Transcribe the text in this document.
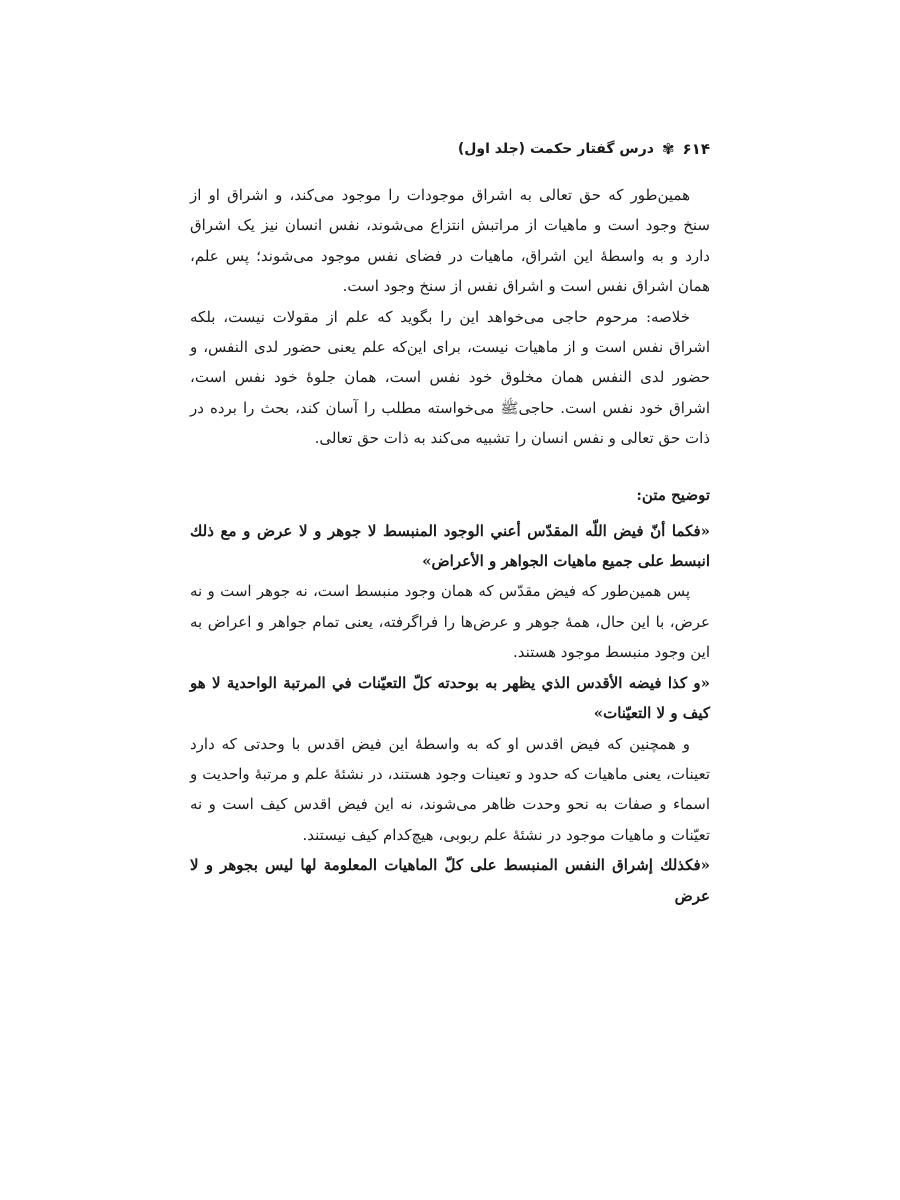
۶۱۴
✾
درس گفتار حکمت (جلد اول)

همین‌طور که حق تعالی به اشراق موجودات را موجود می‌کند، و اشراق او از سنخ وجود است و ماهیات از مراتبش انتزاع می‌شوند، نفس انسان نیز یک اشراق دارد و به واسطهٔ این اشراق، ماهیات در فضای نفس موجود می‌شوند؛ پس علم، همان اشراق نفس است و اشراق نفس از سنخ وجود است.

خلاصه: مرحوم حاجی می‌خواهد این را بگوید که علم از مقولات نیست، بلکه اشراق نفس است و از ماهیات نیست، برای این‌که علم یعنی حضور لدی النفس، و حضور لدی النفس همان مخلوق خود نفس است، همان جلوهٔ خود نفس است، اشراق خود نفس است. حاجی‌ﷺ می‌خواسته مطلب را آسان کند، بحث را برده در ذات حق تعالی و نفس انسان را تشبیه می‌کند به ذات حق تعالی.

توضیح متن:

«فكما أنّ فيض اللّه المقدّس أعني الوجود المنبسط لا جوهر و لا عرض و مع ذلك انبسط على جميع ماهيات الجواهر و الأعراض»

پس همین‌طور که فیض مقدّس که همان وجود منبسط است، نه جوهر است و نه عرض، با این حال، همهٔ جوهر و عرض‌ها را فراگرفته، یعنی تمام جواهر و اعراض به این وجود منبسط موجود هستند.

«و كذا فيضه الأقدس الذي يظهر به بوحدته كلّ التعيّنات في المرتبة الواحدية لا هو كيف و لا التعيّنات»

و همچنین که فیض اقدس او که به واسطهٔ این فیض اقدس با وحدتی که دارد تعینات، یعنی ماهیات که حدود و تعینات وجود هستند، در نشئهٔ علم و مرتبهٔ واحدیت و اسماء و صفات به نحو وحدت ظاهر می‌شوند، نه این فیض اقدس کیف است و نه تعیّنات و ماهیات موجود در نشئهٔ علم ربوبی، هیچ‌کدام کیف نیستند.

«فكذلك إشراق النفس المنبسط على كلّ الماهيات المعلومة لها ليس بجوهر و لا عرض
